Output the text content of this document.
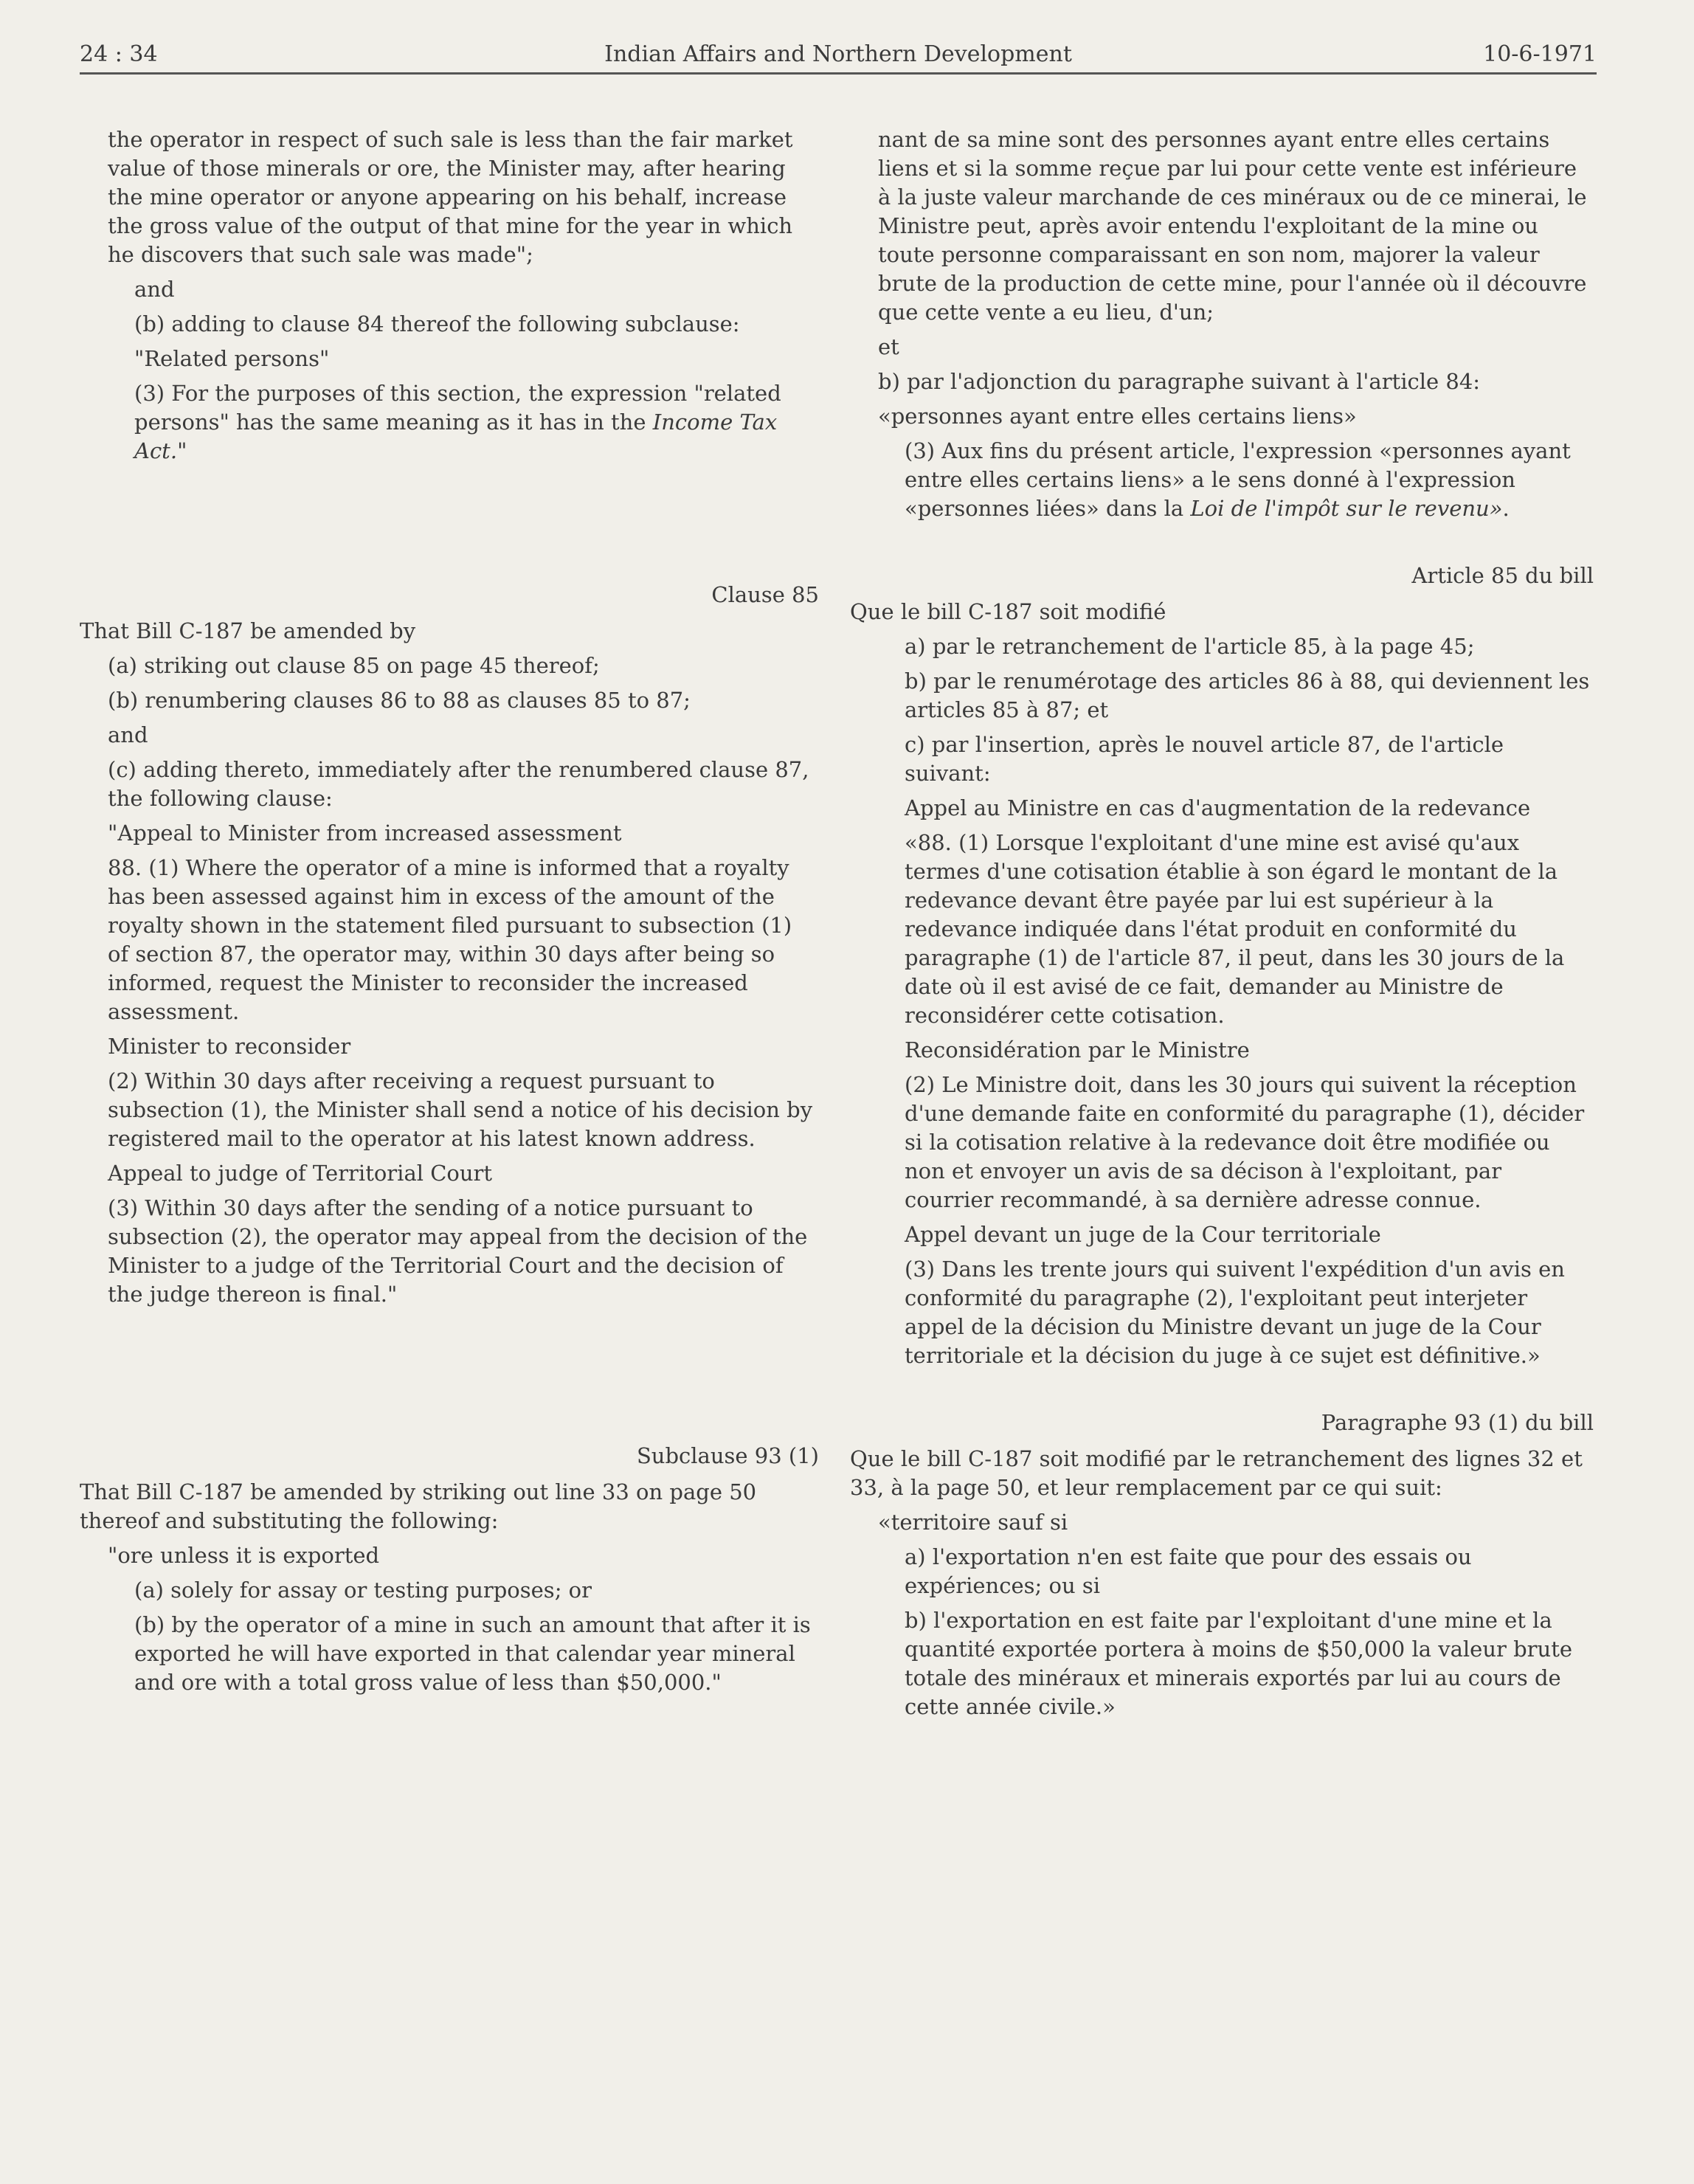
24 : 34	Indian Affairs and Northern Development	10-6-1971

the operator in respect of such sale is less than the fair market value of those minerals or ore, the Minister may, after hearing the mine operator or anyone appearing on his behalf, increase the gross value of the output of that mine for the year in which he discovers that such sale was made";

and

(b) adding to clause 84 thereof the following subclause:

"Related persons"

(3) For the purposes of this section, the expression "related persons" has the same meaning as it has in the Income Tax Act."

Clause 85

That Bill C-187 be amended by

(a) striking out clause 85 on page 45 thereof;

(b) renumbering clauses 86 to 88 as clauses 85 to 87;

and

(c) adding thereto, immediately after the renumbered clause 87, the following clause:

"Appeal to Minister from increased assessment

88. (1) Where the operator of a mine is informed that a royalty has been assessed against him in excess of the amount of the royalty shown in the statement filed pursuant to subsection (1) of section 87, the operator may, within 30 days after being so informed, request the Minister to reconsider the increased assessment.

Minister to reconsider

(2) Within 30 days after receiving a request pursuant to subsection (1), the Minister shall send a notice of his decision by registered mail to the operator at his latest known address.

Appeal to judge of Territorial Court

(3) Within 30 days after the sending of a notice pursuant to subsection (2), the operator may appeal from the decision of the Minister to a judge of the Territorial Court and the decision of the judge thereon is final."

Subclause 93 (1)

That Bill C-187 be amended by striking out line 33 on page 50 thereof and substituting the following:

"ore unless it is exported

(a) solely for assay or testing purposes; or

(b) by the operator of a mine in such an amount that after it is exported he will have exported in that calendar year mineral and ore with a total gross value of less than $50,000."

nant de sa mine sont des personnes ayant entre elles certains liens et si la somme reçue par lui pour cette vente est inférieure à la juste valeur marchande de ces minéraux ou de ce minerai, le Ministre peut, après avoir entendu l'exploitant de la mine ou toute personne comparaissant en son nom, majorer la valeur brute de la production de cette mine, pour l'année où il découvre que cette vente a eu lieu, d'un;

et

b) par l'adjonction du paragraphe suivant à l'article 84:

«personnes ayant entre elles certains liens»

(3) Aux fins du présent article, l'expression «personnes ayant entre elles certains liens» a le sens donné à l'expression «personnes liées» dans la Loi de l'impôt sur le revenu».

Article 85 du bill

Que le bill C-187 soit modifié

a) par le retranchement de l'article 85, à la page 45;

b) par le renumérotage des articles 86 à 88, qui deviennent les articles 85 à 87; et

c) par l'insertion, après le nouvel article 87, de l'article suivant:

Appel au Ministre en cas d'augmentation de la redevance

«88. (1) Lorsque l'exploitant d'une mine est avisé qu'aux termes d'une cotisation établie à son égard le montant de la redevance devant être payée par lui est supérieur à la redevance indiquée dans l'état produit en conformité du paragraphe (1) de l'article 87, il peut, dans les 30 jours de la date où il est avisé de ce fait, demander au Ministre de reconsidérer cette cotisation.

Reconsidération par le Ministre

(2) Le Ministre doit, dans les 30 jours qui suivent la réception d'une demande faite en conformité du paragraphe (1), décider si la cotisation relative à la redevance doit être modifiée ou non et envoyer un avis de sa décison à l'exploitant, par courrier recommandé, à sa dernière adresse connue.

Appel devant un juge de la Cour territoriale

(3) Dans les trente jours qui suivent l'expédition d'un avis en conformité du paragraphe (2), l'exploitant peut interjeter appel de la décision du Ministre devant un juge de la Cour territoriale et la décision du juge à ce sujet est définitive.»

Paragraphe 93 (1) du bill

Que le bill C-187 soit modifié par le retranchement des lignes 32 et 33, à la page 50, et leur remplacement par ce qui suit:

«territoire sauf si

a) l'exportation n'en est faite que pour des essais ou expériences; ou si

b) l'exportation en est faite par l'exploitant d'une mine et la quantité exportée portera à moins de $50,000 la valeur brute totale des minéraux et minerais exportés par lui au cours de cette année civile.»
